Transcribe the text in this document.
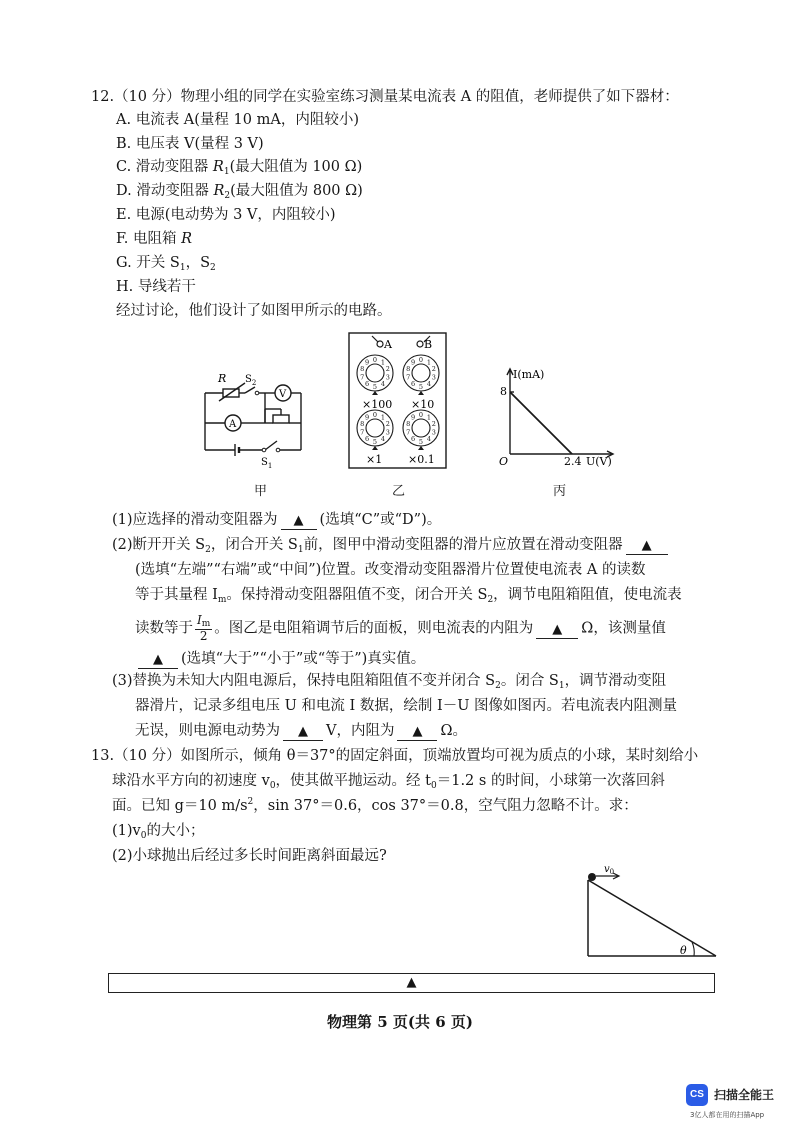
12.（10 分）物理小组的同学在实验室练习测量某电流表 A 的阻值，老师提供了如下器材：
A. 电流表 A(量程 10 mA，内阻较小)
B. 电压表 V(量程 3 V)
C. 滑动变阻器 $R_1$(最大阻值为 100 Ω)
D. 滑动变阻器 $R_2$(最大阻值为 800 Ω)
E. 电源(电动势为 3 V，内阻较小)
F. 电阻箱 R
G. 开关 $S_1$，$S_2$
H. 导线若干
经过讨论，他们设计了如图甲所示的电路。
R $S_2$
A
V
$S_1$
A	B
0 1
2
3
4
5
6
7
8
9	0 1
2
3
4
5
6
7
8
9
0 1
2
3
4
5
6
7
8
9	0 1
2
3
4
5
6
7
8
9
×100 ×10
×1 ×0.1
I(mA)
8
O	2.4 U(V)
甲	乙	丙
(1)应选择的滑动变阻器为 ▲ (选填“C”或“D”)。
(2)断开开关 $S_2$，闭合开关 $S_1$前，图甲中滑动变阻器的滑片应放置在滑动变阻器 ▲
(选填“左端”“右端”或“中间”)位置。改变滑动变阻器滑片位置使电流表 A 的读数
等于其量程 $I_m$。保持滑动变阻器阻值不变，闭合开关 $S_2$，调节电阻箱阻值，使电流表
读数等于 $\frac{Im}{2}$ 。图乙是电阻箱调节后的面板，则电流表的内阻为 ▲ Ω，该测量值
▲ (选填“大于”“小于”或“等于”)真实值。
(3)替换为未知大内阻电源后，保持电阻箱阻值不变并闭合 $S_2$。闭合 $S_1$，调节滑动变阻
器滑片，记录多组电压 U 和电流 I 数据，绘制 I－U 图像如图丙。若电流表内阻测量
无误，则电源电动势为 ▲ V，内阻为 ▲ Ω。
13.（10 分）如图所示，倾角 θ＝37°的固定斜面，顶端放置均可视为质点的小球，某时刻给小
球沿水平方向的初速度 $v_0$，使其做平抛运动。经 $t_0=1.2$ s 的时间，小球第一次落回斜
面。已知 g＝10 $m/s^2$，sin 37°＝0.6，cos 37°＝0.8，空气阻力忽略不计。求：
$(1)v_0$的大小；
(2)小球抛出后经过多长时间距离斜面最远?
$v_0$
θ
▲
物理第 5 页(共 6 页)
CS 扫描全能王
3亿人都在用的扫描App
